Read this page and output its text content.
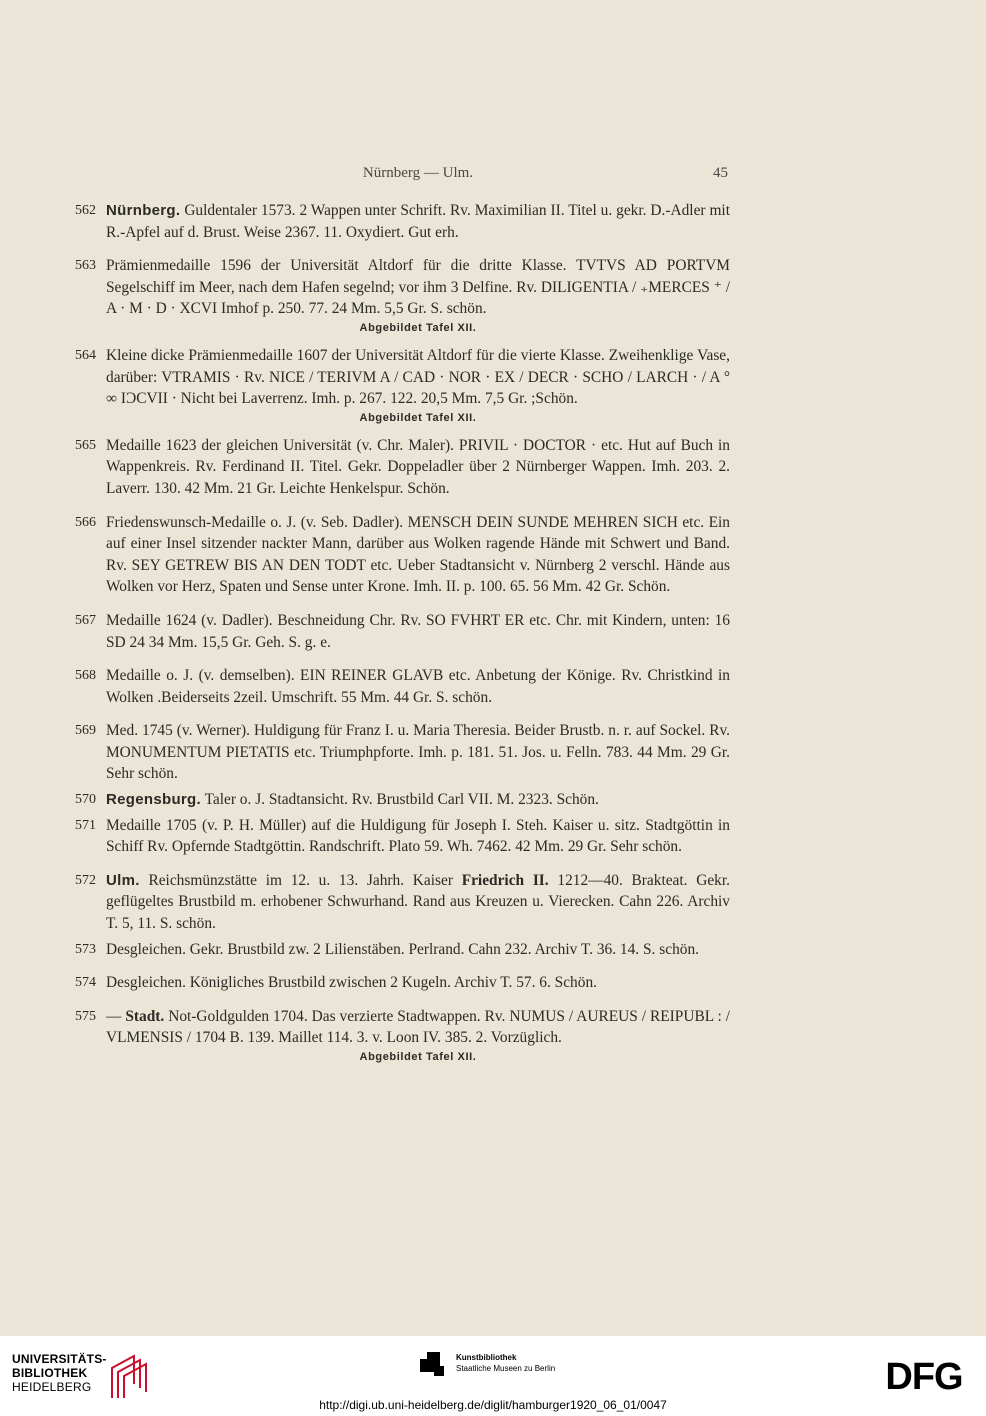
Nürnberg — Ulm.	45
562 Nürnberg. Guldentaler 1573. 2 Wappen unter Schrift. Rv. Maximilian II. Titel u. gekr. D.-Adler mit R.-Apfel auf d. Brust. Weise 2367. 11. Oxydiert. Gut erh.
563 Prämienmedaille 1596 der Universität Altdorf für die dritte Klasse. TVTVS AD PORTVM Segelschiff im Meer, nach dem Hafen segelnd; vor ihm 3 Delfine. Rv. DILIGENTIA / ₊MERCES ⁺ / A · M · D · XCVI Imhof p. 250. 77. 24 Mm. 5,5 Gr. S. schön.
Abgebildet Tafel XII.
564 Kleine dicke Prämienmedaille 1607 der Universität Altdorf für die vierte Klasse. Zweihenklige Vase, darüber: VTRAMIS · Rv. NICE / TERIVM A / CAD · NOR · EX / DECR · SCHO / LARCH · / A ° ∞ IƆCVII · Nicht bei Laverrenz. Imh. p. 267. 122. 20,5 Mm. 7,5 Gr. ;Schön.
Abgebildet Tafel XII.
565 Medaille 1623 der gleichen Universität (v. Chr. Maler). PRIVIL · DOCTOR · etc. Hut auf Buch in Wappenkreis. Rv. Ferdinand II. Titel. Gekr. Doppeladler über 2 Nürnberger Wappen. Imh. 203. 2. Laverr. 130. 42 Mm. 21 Gr. Leichte Henkelspur. Schön.
566 Friedenswunsch-Medaille o. J. (v. Seb. Dadler). MENSCH DEIN SUNDE MEHREN SICH etc. Ein auf einer Insel sitzender nackter Mann, darüber aus Wolken ragende Hände mit Schwert und Band. Rv. SEY GETREW BIS AN DEN TODT etc. Ueber Stadtansicht v. Nürnberg 2 verschl. Hände aus Wolken vor Herz, Spaten und Sense unter Krone. Imh. II. p. 100. 65. 56 Mm. 42 Gr. Schön.
567 Medaille 1624 (v. Dadler). Beschneidung Chr. Rv. SO FVHRT ER etc. Chr. mit Kindern, unten: 16 SD 24 34 Mm. 15,5 Gr. Geh. S. g. e.
568 Medaille o. J. (v. demselben). EIN REINER GLAVB etc. Anbetung der Könige. Rv. Christkind in Wolken .Beiderseits 2zeil. Umschrift. 55 Mm. 44 Gr. S. schön.
569 Med. 1745 (v. Werner). Huldigung für Franz I. u. Maria Theresia. Beider Brustb. n. r. auf Sockel. Rv. MONUMENTUM PIETATIS etc. Triumphpforte. Imh. p. 181. 51. Jos. u. Felln. 783. 44 Mm. 29 Gr. Sehr schön.
570 Regensburg. Taler o. J. Stadtansicht. Rv. Brustbild Carl VII. M. 2323. Schön.
571 Medaille 1705 (v. P. H. Müller) auf die Huldigung für Joseph I. Steh. Kaiser u. sitz. Stadtgöttin in Schiff Rv. Opfernde Stadtgöttin. Randschrift. Plato 59. Wh. 7462. 42 Mm. 29 Gr. Sehr schön.
572 Ulm. Reichsmünzstätte im 12. u. 13. Jahrh. Kaiser Friedrich II. 1212—40. Brakteat. Gekr. geflügeltes Brustbild m. erhobener Schwurhand. Rand aus Kreuzen u. Vierecken. Cahn 226. Archiv T. 5, 11. S. schön.
573 Desgleichen. Gekr. Brustbild zw. 2 Lilienstäben. Perlrand. Cahn 232. Archiv T. 36. 14. S. schön.
574 Desgleichen. Königliches Brustbild zwischen 2 Kugeln. Archiv T. 57. 6. Schön.
575 — Stadt. Not-Goldgulden 1704. Das verzierte Stadtwappen. Rv. NUMUS / AUREUS / REIPUBL : / VLMENSIS / 1704 B. 139. Maillet 114. 3. v. Loon IV. 385. 2. Vorzüglich.
Abgebildet Tafel XII.
UNIVERSITÄTS-
BIBLIOTHEK
HEIDELBERG
Kunstbibliothek
Staatliche Museen zu Berlin	DFG
http://digi.ub.uni-heidelberg.de/diglit/hamburger1920_06_01/0047
